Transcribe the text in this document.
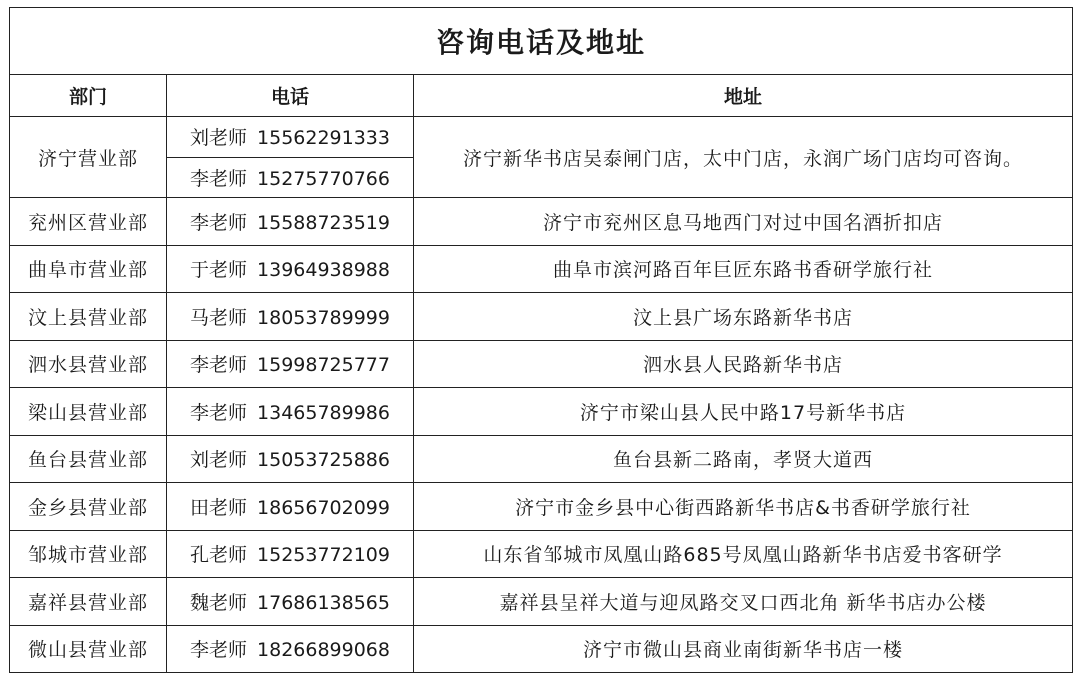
咨询电话及地址		
部门	电话	地址
济宁营业部	刘老师 15562291333	济宁新华书店吴泰闸门店，太中门店，永润广场门店均可咨询。
	李老师 15275770766	
兖州区营业部	李老师 15588723519	济宁市兖州区息马地西门对过中国名酒折扣店
曲阜市营业部	于老师 13964938988	曲阜市滨河路百年巨匠东路书香研学旅行社
汶上县营业部	马老师 18053789999	汶上县广场东路新华书店
泗水县营业部	李老师 15998725777	泗水县人民路新华书店
梁山县营业部	李老师 13465789986	济宁市梁山县人民中路17号新华书店
鱼台县营业部	刘老师 15053725886	鱼台县新二路南，孝贤大道西
金乡县营业部	田老师 18656702099	济宁市金乡县中心街西路新华书店&书香研学旅行社
邹城市营业部	孔老师 15253772109	山东省邹城市凤凰山路685号凤凰山路新华书店爱书客研学
嘉祥县营业部	魏老师 17686138565	嘉祥县呈祥大道与迎凤路交叉口西北角 新华书店办公楼
微山县营业部	李老师 18266899068	济宁市微山县商业南街新华书店一楼
